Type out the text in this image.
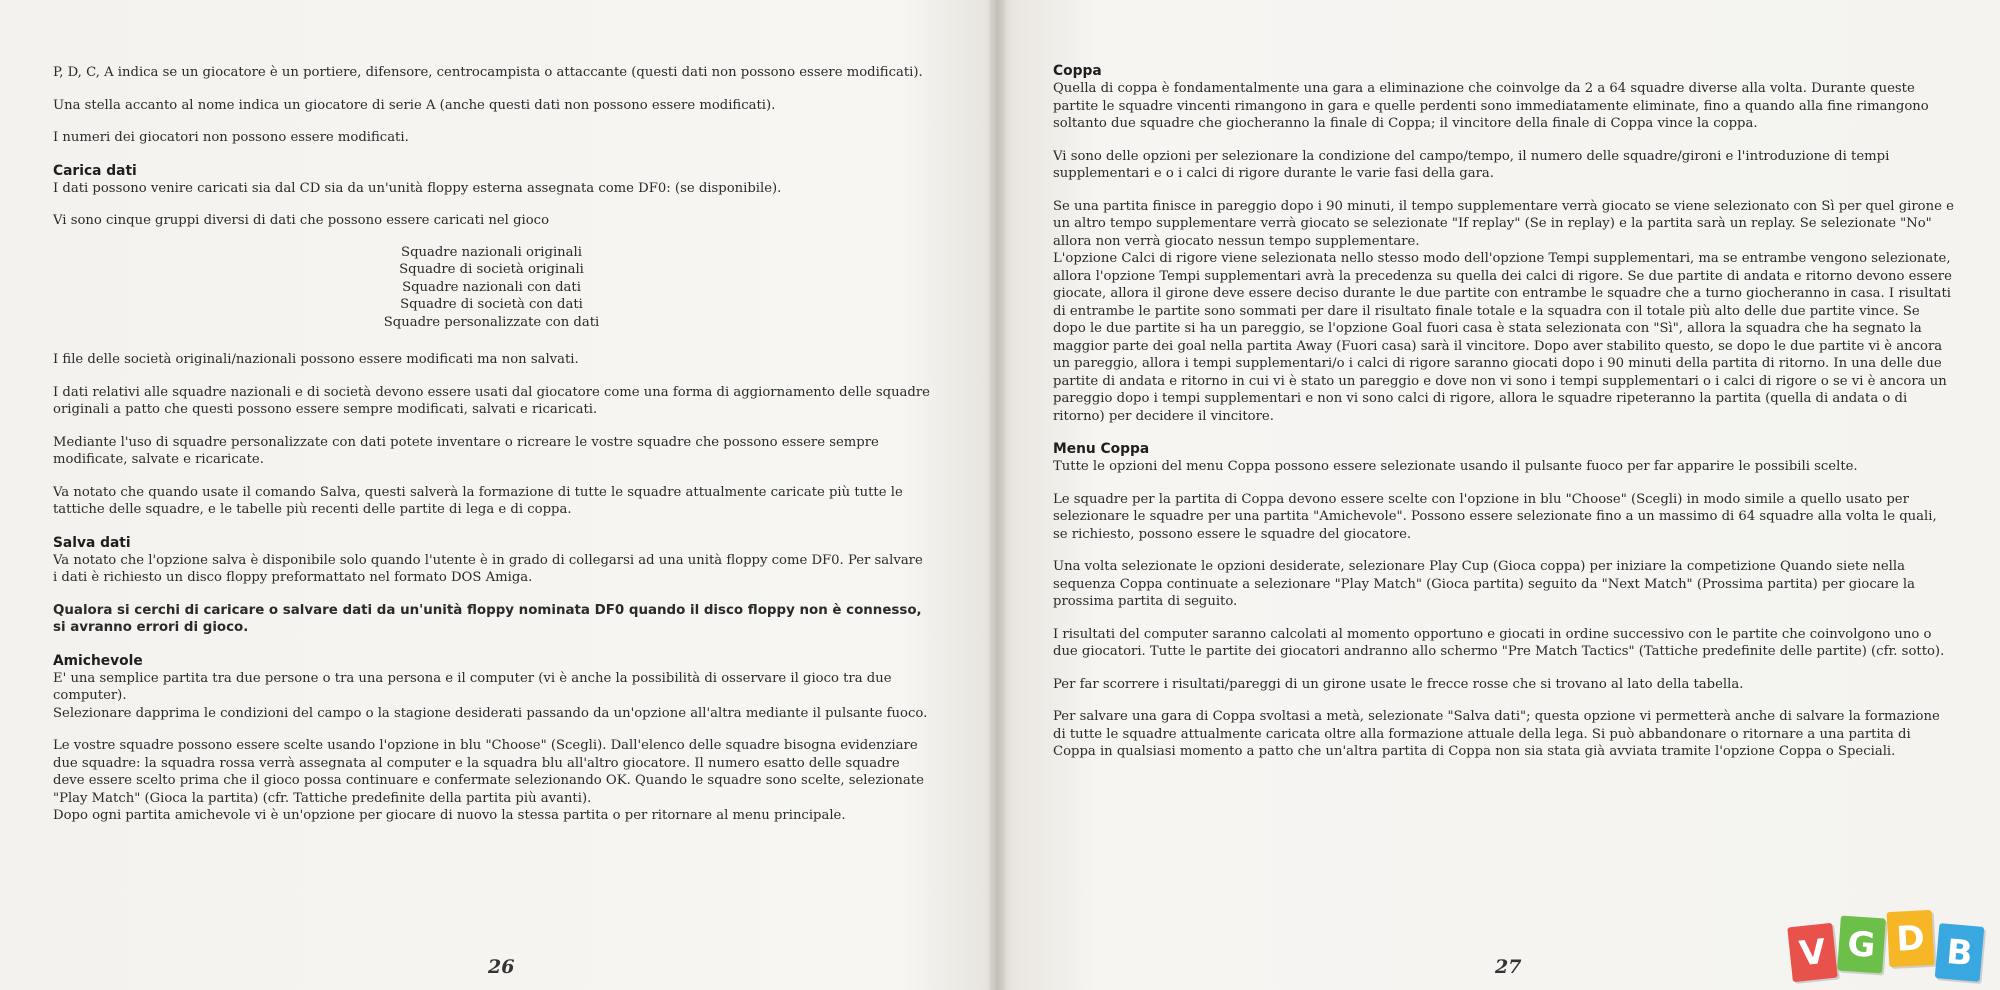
P, D, C, A indica se un giocatore è un portiere, difensore, centrocampista o attaccante (questi dati non possono essere modificati).

Una stella accanto al nome indica un giocatore di serie A (anche questi dati non possono essere modificati).

I numeri dei giocatori non possono essere modificati.

Carica dati

I dati possono venire caricati sia dal CD sia da un'unità floppy esterna assegnata come DF0: (se disponibile).

Vi sono cinque gruppi diversi di dati che possono essere caricati nel gioco

Squadre nazionali originali
Squadre di società originali
Squadre nazionali con dati
Squadre di società con dati
Squadre personalizzate con dati

I file delle società originali/nazionali possono essere modificati ma non salvati.

I dati relativi alle squadre nazionali e di società devono essere usati dal giocatore come una forma di aggiornamento delle squadre originali a patto che questi possono essere sempre modificati, salvati e ricaricati.

Mediante l'uso di squadre personalizzate con dati potete inventare o ricreare le vostre squadre che possono essere sempre modificate, salvate e ricaricate.

Va notato che quando usate il comando Salva, questi salverà la formazione di tutte le squadre attualmente caricate più tutte le tattiche delle squadre, e le tabelle più recenti delle partite di lega e di coppa.

Salva dati

Va notato che l'opzione salva è disponibile solo quando l'utente è in grado di collegarsi ad una unità floppy come DF0. Per salvare i dati è richiesto un disco floppy preformattato nel formato DOS Amiga.

Qualora si cerchi di caricare o salvare dati da un'unità floppy nominata DF0 quando il disco floppy non è connesso, si avranno errori di gioco.

Amichevole

E' una semplice partita tra due persone o tra una persona e il computer (vi è anche la possibilità di osservare il gioco tra due computer).

Selezionare dapprima le condizioni del campo o la stagione desiderati passando da un'opzione all'altra mediante il pulsante fuoco.

Le vostre squadre possono essere scelte usando l'opzione in blu "Choose" (Scegli). Dall'elenco delle squadre bisogna evidenziare due squadre: la squadra rossa verrà assegnata al computer e la squadra blu all'altro giocatore. Il numero esatto delle squadre deve essere scelto prima che il gioco possa continuare e confermate selezionando OK. Quando le squadre sono scelte, selezionate "Play Match" (Gioca la partita) (cfr. Tattiche predefinite della partita più avanti).

Dopo ogni partita amichevole vi è un'opzione per giocare di nuovo la stessa partita o per ritornare al menu principale.

26
Coppa

Quella di coppa è fondamentalmente una gara a eliminazione che coinvolge da 2 a 64 squadre diverse alla volta. Durante queste partite le squadre vincenti rimangono in gara e quelle perdenti sono immediatamente eliminate, fino a quando alla fine rimangono soltanto due squadre che giocheranno la finale di Coppa; il vincitore della finale di Coppa vince la coppa.

Vi sono delle opzioni per selezionare la condizione del campo/tempo, il numero delle squadre/gironi e l'introduzione di tempi supplementari e o i calci di rigore durante le varie fasi della gara.

Se una partita finisce in pareggio dopo i 90 minuti, il tempo supplementare verrà giocato se viene selezionato con Sì per quel girone e un altro tempo supplementare verrà giocato se selezionate "If replay" (Se in replay) e la partita sarà un replay. Se selezionate "No" allora non verrà giocato nessun tempo supplementare.

L'opzione Calci di rigore viene selezionata nello stesso modo dell'opzione Tempi supplementari, ma se entrambe vengono selezionate, allora l'opzione Tempi supplementari avrà la precedenza su quella dei calci di rigore. Se due partite di andata e ritorno devono essere giocate, allora il girone deve essere deciso durante le due partite con entrambe le squadre che a turno giocheranno in casa. I risultati di entrambe le partite sono sommati per dare il risultato finale totale e la squadra con il totale più alto delle due partite vince. Se dopo le due partite si ha un pareggio, se l'opzione Goal fuori casa è stata selezionata con "Sì", allora la squadra che ha segnato la maggior parte dei goal nella partita Away (Fuori casa) sarà il vincitore. Dopo aver stabilito questo, se dopo le due partite vi è ancora un pareggio, allora i tempi supplementari/o i calci di rigore saranno giocati dopo i 90 minuti della partita di ritorno. In una delle due partite di andata e ritorno in cui vi è stato un pareggio e dove non vi sono i tempi supplementari o i calci di rigore o se vi è ancora un pareggio dopo i tempi supplementari e non vi sono calci di rigore, allora le squadre ripeteranno la partita (quella di andata o di ritorno) per decidere il vincitore.

Menu Coppa

Tutte le opzioni del menu Coppa possono essere selezionate usando il pulsante fuoco per far apparire le possibili scelte.

Le squadre per la partita di Coppa devono essere scelte con l'opzione in blu "Choose" (Scegli) in modo simile a quello usato per selezionare le squadre per una partita "Amichevole". Possono essere selezionate fino a un massimo di 64 squadre alla volta le quali, se richiesto, possono essere le squadre del giocatore.

Una volta selezionate le opzioni desiderate, selezionare Play Cup (Gioca coppa) per iniziare la competizione Quando siete nella sequenza Coppa continuate a selezionare "Play Match" (Gioca partita) seguito da "Next Match" (Prossima partita) per giocare la prossima partita di seguito.

I risultati del computer saranno calcolati al momento opportuno e giocati in ordine successivo con le partite che coinvolgono uno o due giocatori. Tutte le partite dei giocatori andranno allo schermo "Pre Match Tactics" (Tattiche predefinite delle partite) (cfr. sotto).

Per far scorrere i risultati/pareggi di un girone usate le frecce rosse che si trovano al lato della tabella.

Per salvare una gara di Coppa svoltasi a metà, selezionate "Salva dati"; questa opzione vi permetterà anche di salvare la formazione di tutte le squadre attualmente caricata oltre alla formazione attuale della lega. Si può abbandonare o ritornare a una partita di Coppa in qualsiasi momento a patto che un'altra partita di Coppa non sia stata già avviata tramite l'opzione Coppa o Speciali.

27	V G D B
